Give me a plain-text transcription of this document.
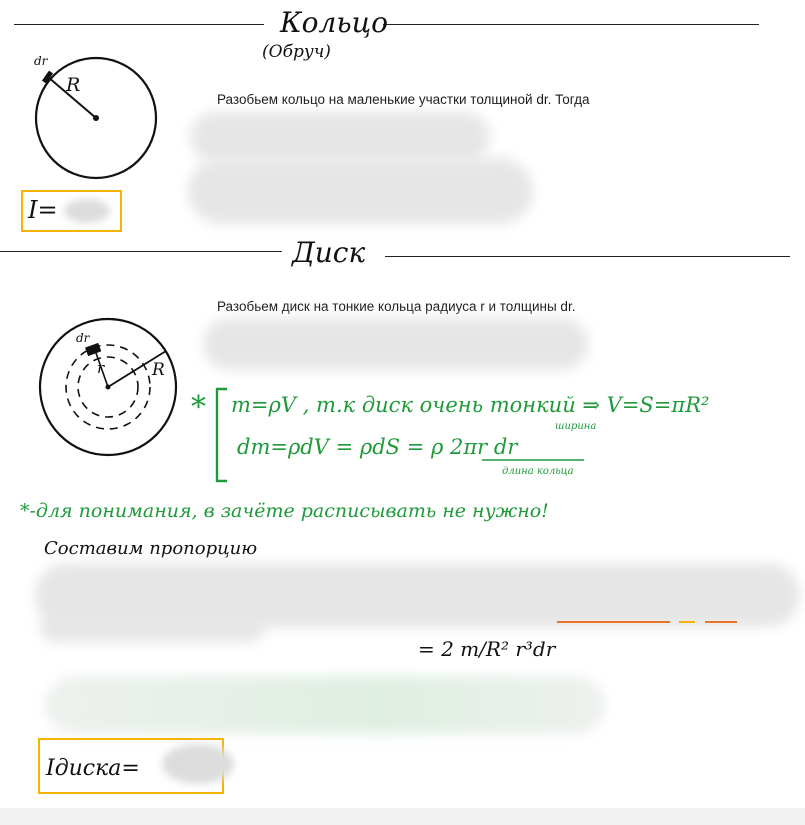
Кольцо
(Обруч)
dr
R
Разобьем кольцо на маленькие участки толщиной dr. Тогда
I=
Диск
Разобьем диск на тонкие кольца радиуса r и толщины dr.
dr
r	R
* m=ρV , т.к диск очень тонкий ⇒ V=S=πR²
ширина
dm=ρdV = ρdS = ρ 2πr dr
длина кольца
*-для понимания, в зачёте расписывать не нужно!
Составим пропорцию
= 2 m/R² r³dr
Iдиска=
